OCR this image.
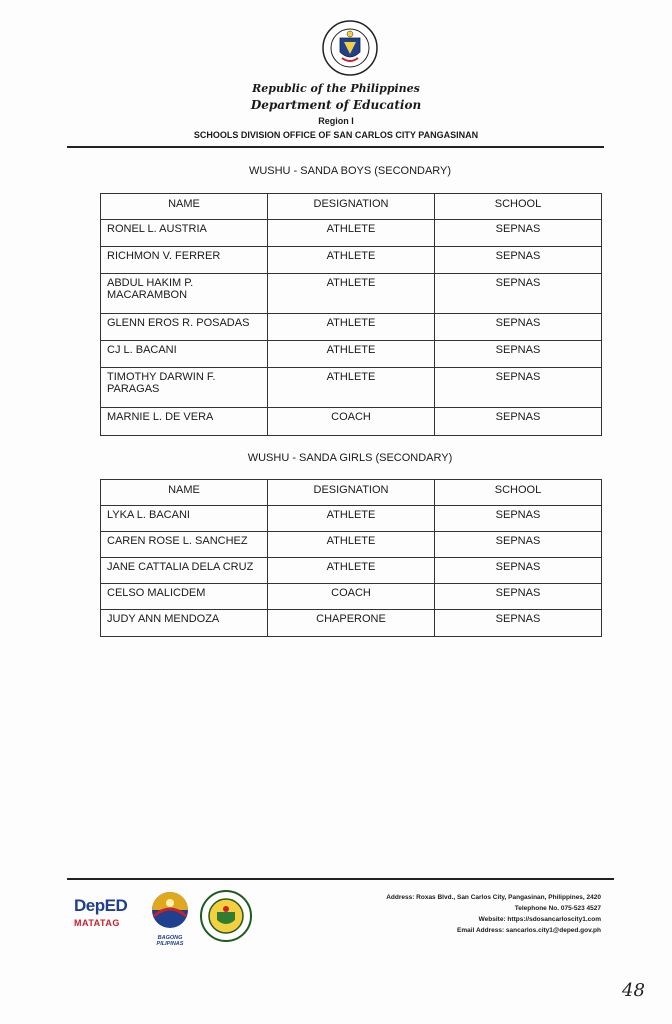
Republic of the Philippines
Department of Education
Region I
SCHOOLS DIVISION OFFICE OF SAN CARLOS CITY PANGASINAN
WUSHU - SANDA BOYS (SECONDARY)
NAME	DESIGNATION	SCHOOL
RONEL L. AUSTRIA	ATHLETE	SEPNAS
RICHMON V. FERRER	ATHLETE	SEPNAS
ABDUL HAKIM P. MACARAMBON	ATHLETE	SEPNAS
GLENN EROS R. POSADAS	ATHLETE	SEPNAS
CJ L. BACANI	ATHLETE	SEPNAS
TIMOTHY DARWIN F. PARAGAS	ATHLETE	SEPNAS
MARNIE L. DE VERA	COACH	SEPNAS
WUSHU - SANDA GIRLS (SECONDARY)
NAME	DESIGNATION	SCHOOL
LYKA L. BACANI	ATHLETE	SEPNAS
CAREN ROSE L. SANCHEZ	ATHLETE	SEPNAS
JANE CATTALIA DELA CRUZ	ATHLETE	SEPNAS
CELSO MALICDEM	COACH	SEPNAS
JUDY ANN MENDOZA	CHAPERONE	SEPNAS
DepED
MATATAG
BAGONG PILIPINAS
Address: Roxas Blvd., San Carlos City, Pangasinan, Philippines, 2420
Telephone No. 075-523 4527
Website: https://sdosancarloscity1.com
Email Address: sancarlos.city1@deped.gov.ph
48
